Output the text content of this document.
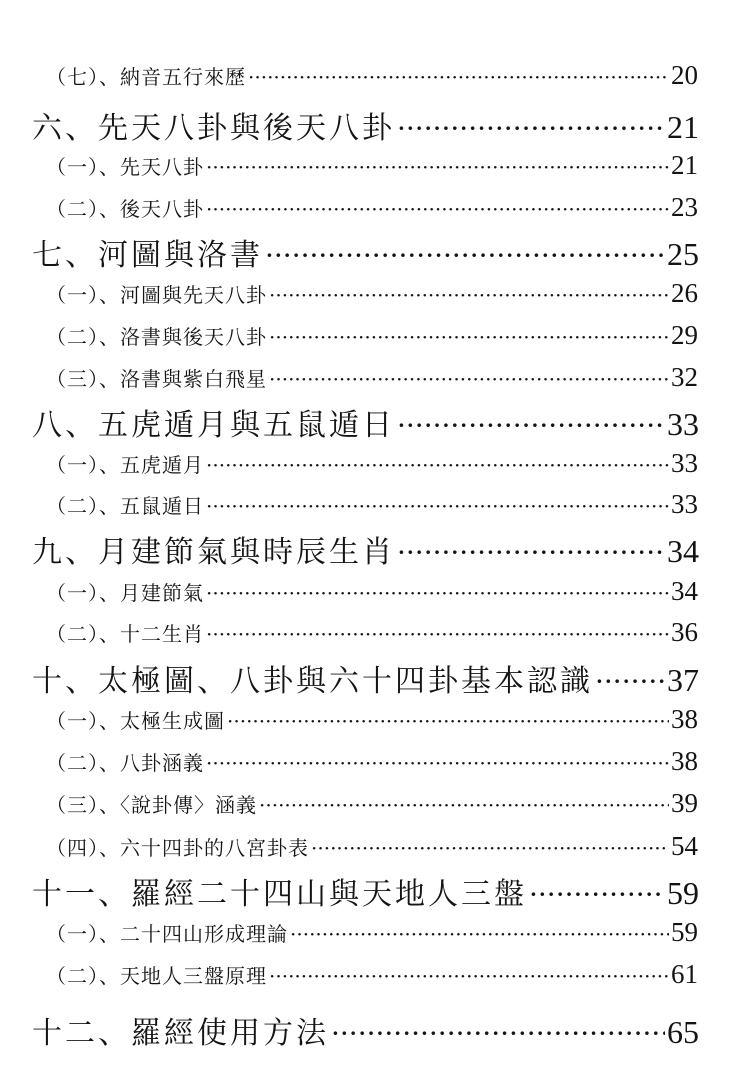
（七）、納音五行來歷 ·····	20
六、先天八卦與後天八卦 ·····	21
（一）、先天八卦 ·····	21
（二）、後天八卦 ·····	23
七、河圖與洛書 ·····	25
（一）、河圖與先天八卦 ·····	26
（二）、洛書與後天八卦 ·····	29
（三）、洛書與紫白飛星 ·····	32
八、五虎遁月與五鼠遁日 ·····	33
（一）、五虎遁月 ·····	33
（二）、五鼠遁日 ·····	33
九、月建節氣與時辰生肖 ·····	34
（一）、月建節氣 ·····	34
（二）、十二生肖 ·····	36
十、太極圖、八卦與六十四卦基本認識 ····· 37
（一）、太極生成圖 ·····	38
（二）、八卦涵義 ·····	38
（三）、〈說卦傳〉涵義 ·····	39
（四）、六十四卦的八宮卦表 ·····	54
十一、羅經二十四山與天地人三盤 ·····	59
（一）、二十四山形成理論 ·····	59
（二）、天地人三盤原理 ·····	61
十二、羅經使用方法 ·····	65
